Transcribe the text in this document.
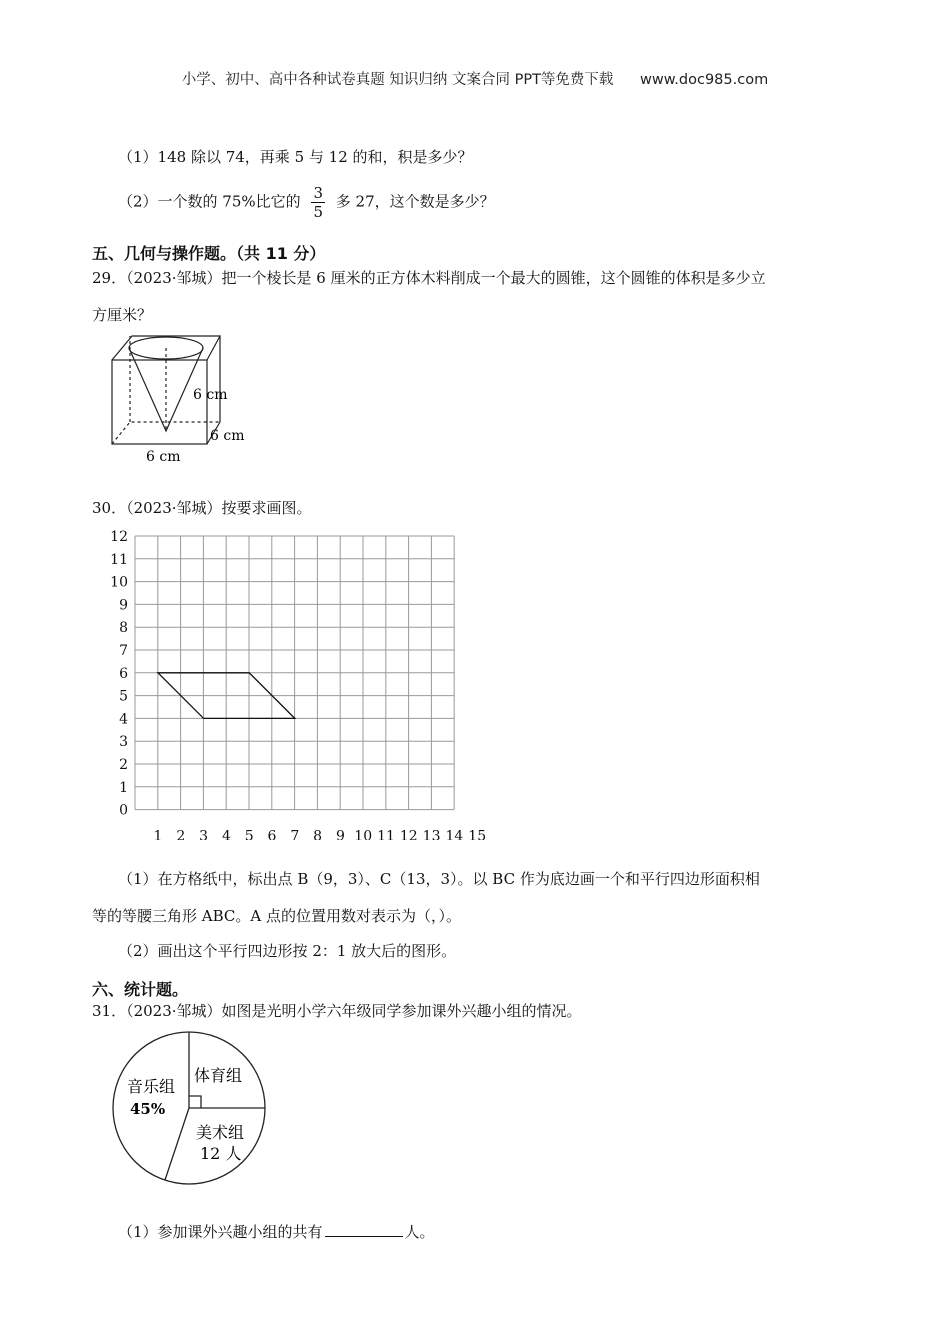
小学、初中、高中各种试卷真题 知识归纳 文案合同 PPT等免费下载 www.doc985.com
（1）148 除以 74，再乘 5 与 12 的和，积是多少？
（2）一个数的 75%比它的 $\frac{3}{5}$ 多 27，这个数是多少？
五、几何与操作题。（共 11 分）
29．（2023·邹城）把一个棱长是 6 厘米的正方体木料削成一个最大的圆锥，这个圆锥的体积是多少立
方厘米？
6 cm
6 cm
6 cm
30．（2023·邹城）按要求画图。
12
11
10
9
8
7
6
5
4
3
2
1
0
1 2 3 4 5 6 7 8 9 10 11 12 13 14 15
（1）在方格纸中，标出点 B（9，3）、C（13，3）。以 BC 作为底边画一个和平行四边形面积相
等的等腰三角形 ABC。A 点的位置用数对表示为（，）。
（2）画出这个平行四边形按 2：1 放大后的图形。
六、统计题。
31．（2023·邹城）如图是光明小学六年级同学参加课外兴趣小组的情况。
体育组
音乐组
45%
美术组
12 人
（1）参加课外兴趣小组的共有	人。
